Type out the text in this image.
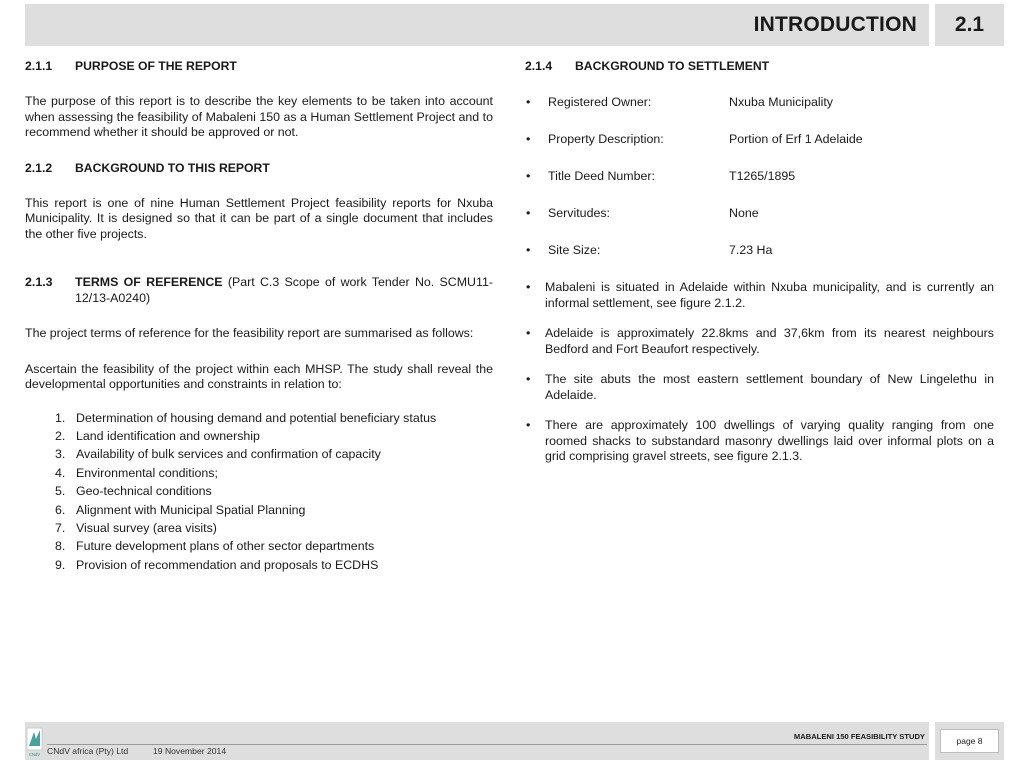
INTRODUCTION	2.1
2.1.1	PURPOSE OF THE REPORT

The purpose of this report is to describe the key elements to be taken into account when assessing the feasibility of Mabaleni 150 as a Human Settlement Project and to recommend whether it should be approved or not.

2.1.2	BACKGROUND TO THIS REPORT

This report is one of nine Human Settlement Project feasibility reports for Nxuba Municipality. It is designed so that it can be part of a single document that includes the other five projects.

2.1.3	TERMS OF REFERENCE (Part C.3 Scope of work Tender No. SCMU11-12/13-A0240)

The project terms of reference for the feasibility report are summarised as follows:

Ascertain the feasibility of the project within each MHSP. The study shall reveal the developmental opportunities and constraints in relation to:

1. Determination of housing demand and potential beneficiary status
2. Land identification and ownership
3. Availability of bulk services and confirmation of capacity
4. Environmental conditions;
5. Geo-technical conditions
6. Alignment with Municipal Spatial Planning
7. Visual survey (area visits)
8. Future development plans of other sector departments
9. Provision of recommendation and proposals to ECDHS
2.1.4	BACKGROUND TO SETTLEMENT
•	Registered Owner:	Nxuba Municipality
•	Property Description:	Portion of Erf 1 Adelaide
•	Title Deed Number:	T1265/1895
•	Servitudes:	None
•	Site Size:	7.23 Ha
•	Mabaleni is situated in Adelaide within Nxuba municipality, and is currently an informal settlement, see figure 2.1.2.
•	Adelaide is approximately 22.8kms and 37,6km from its nearest neighbours Bedford and Fort Beaufort respectively.
•	The site abuts the most eastern settlement boundary of New Lingelethu in Adelaide.
•	There are approximately 100 dwellings of varying quality ranging from one roomed shacks to substandard masonry dwellings laid over informal plots on a grid comprising gravel streets, see figure 2.1.3.
MABALENI 150 FEASIBILITY STUDY
CNdV CNdV africa (Pty) Ltd	19 November 2014
page 8
